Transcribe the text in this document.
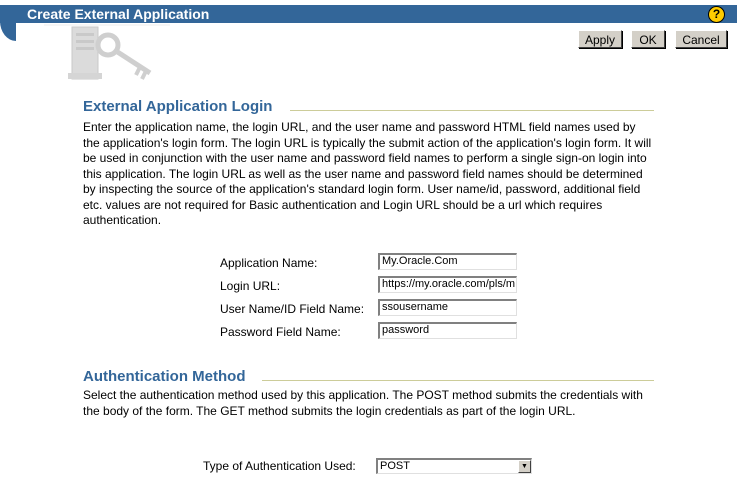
Create External Application	?
Apply	OK	Cancel
External Application Login
Enter the application name, the login URL, and the user name and password HTML field names used by the application's login form. The login URL is typically the submit action of the application's login form. It will be used in conjunction with the user name and password field names to perform a single sign-on login into this application. The login URL as well as the user name and password field names should be determined by inspecting the source of the application's standard login form. User name/id, password, additional field etc. values are not required for Basic authentication and Login URL should be a url which requires authentication.
Application Name:	My.Oracle.Com
Login URL:	https://my.oracle.com/pls/m
User Name/ID Field Name:	ssousername
Password Field Name:	password
Authentication Method
Select the authentication method used by this application. The POST method submits the credentials with the body of the form. The GET method submits the login credentials as part of the login URL.
Type of Authentication Used:	POST	▼
